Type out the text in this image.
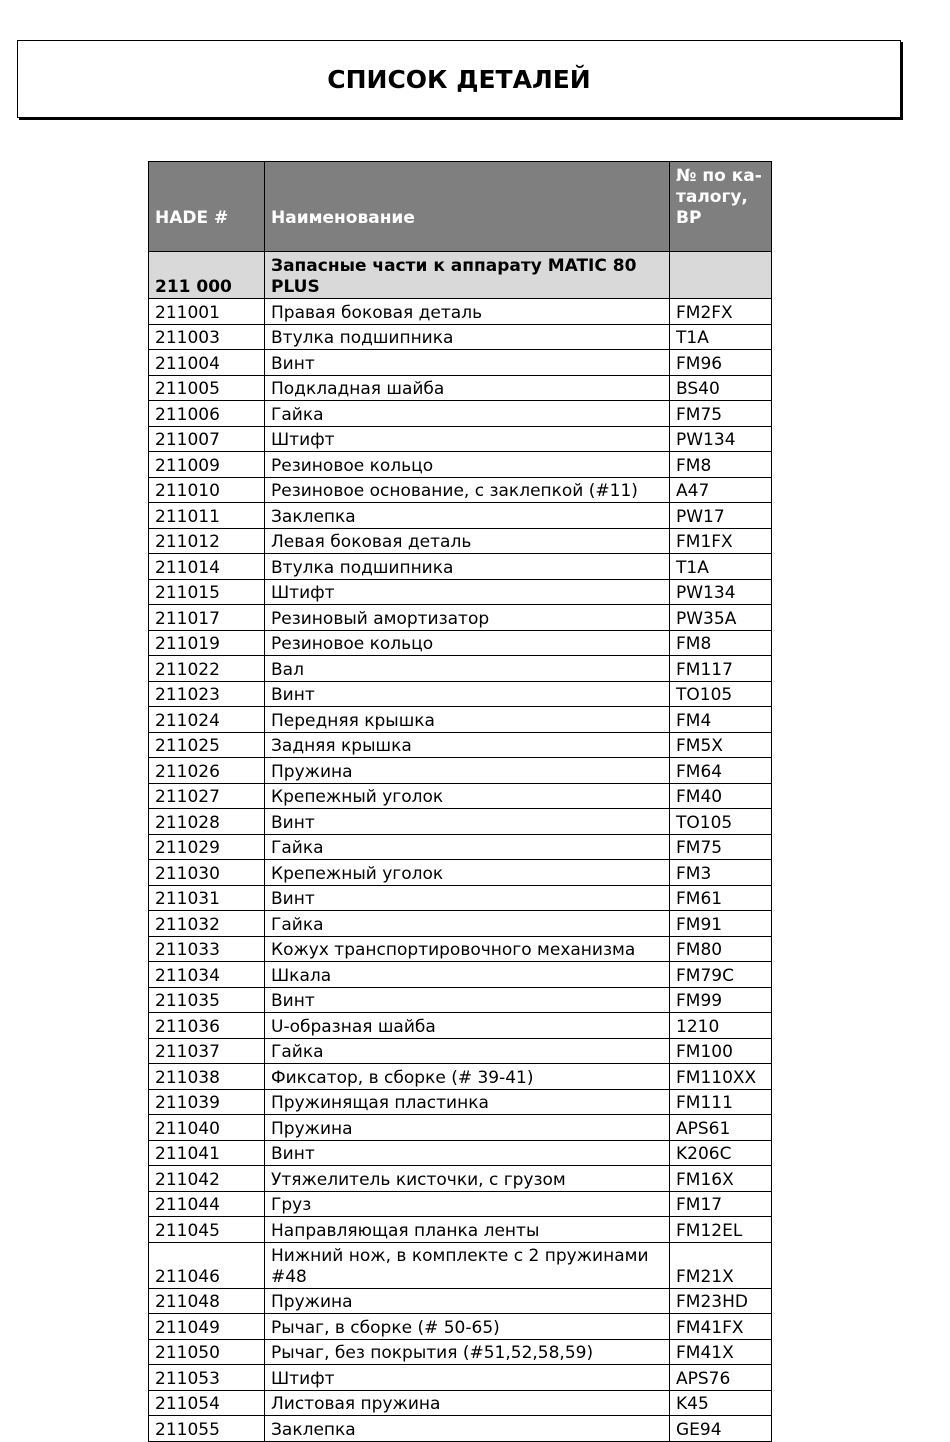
СПИСОК ДЕТАЛЕЙ
HADE #	Наименование	№ по ка-
талогу,
BP
211 000	Запасные части к аппарату MATIC 80 PLUS	
211001	Правая боковая деталь	FM2FX
211003	Втулка подшипника	T1A
211004	Винт	FM96
211005	Подкладная шайба	BS40
211006	Гайка	FM75
211007	Штифт	PW134
211009	Резиновое кольцо	FM8
211010	Резиновое основание, с заклепкой (#11)	A47
211011	Заклепка	PW17
211012	Левая боковая деталь	FM1FX
211014	Втулка подшипника	T1A
211015	Штифт	PW134
211017	Резиновый амортизатор	PW35A
211019	Резиновое кольцо	FM8
211022	Вал	FM117
211023	Винт	TO105
211024	Передняя крышка	FM4
211025	Задняя крышка	FM5X
211026	Пружина	FM64
211027	Крепежный уголок	FM40
211028	Винт	TO105
211029	Гайка	FM75
211030	Крепежный уголок	FM3
211031	Винт	FM61
211032	Гайка	FM91
211033	Кожух транспортировочного механизма	FM80
211034	Шкала	FM79C
211035	Винт	FM99
211036	U-образная шайба	1210
211037	Гайка	FM100
211038	Фиксатор, в сборке (# 39-41)	FM110XX
211039	Пружинящая пластинка	FM111
211040	Пружина	APS61
211041	Винт	K206C
211042	Утяжелитель кисточки, с грузом	FM16X
211044	Груз	FM17
211045	Направляющая планка ленты	FM12EL
211046	Нижний нож, в комплекте с 2 пружинами #48	FM21X
211048	Пружина	FM23HD
211049	Рычаг, в сборке (# 50-65)	FM41FX
211050	Рычаг, без покрытия (#51,52,58,59)	FM41X
211053	Штифт	APS76
211054	Листовая пружина	K45
211055	Заклепка	GE94
